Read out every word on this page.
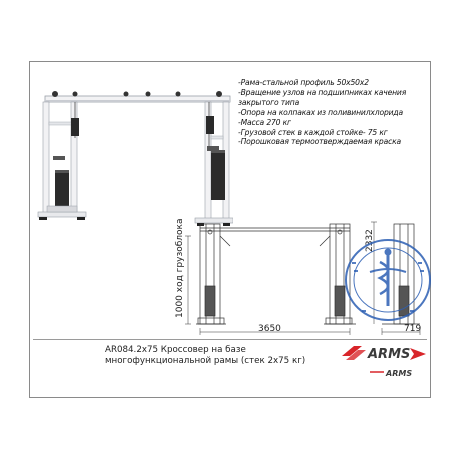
-Рама-стальной профиль 50х50х2
-Вращение узлов на подшипниках качения
закрытого типа
-Опора на колпаках из поливинилхлорида
-Масса 270 кг
-Грузовой стек в каждой стойке- 75 кг
-Порошковая термоотверждаемая краска
3650	719
1000 ход грузоблока	2332
AR084.2x75 Кроссовер на базе
многофункциональной рамы (стек 2х75 кг)	ARMS
ARMS
